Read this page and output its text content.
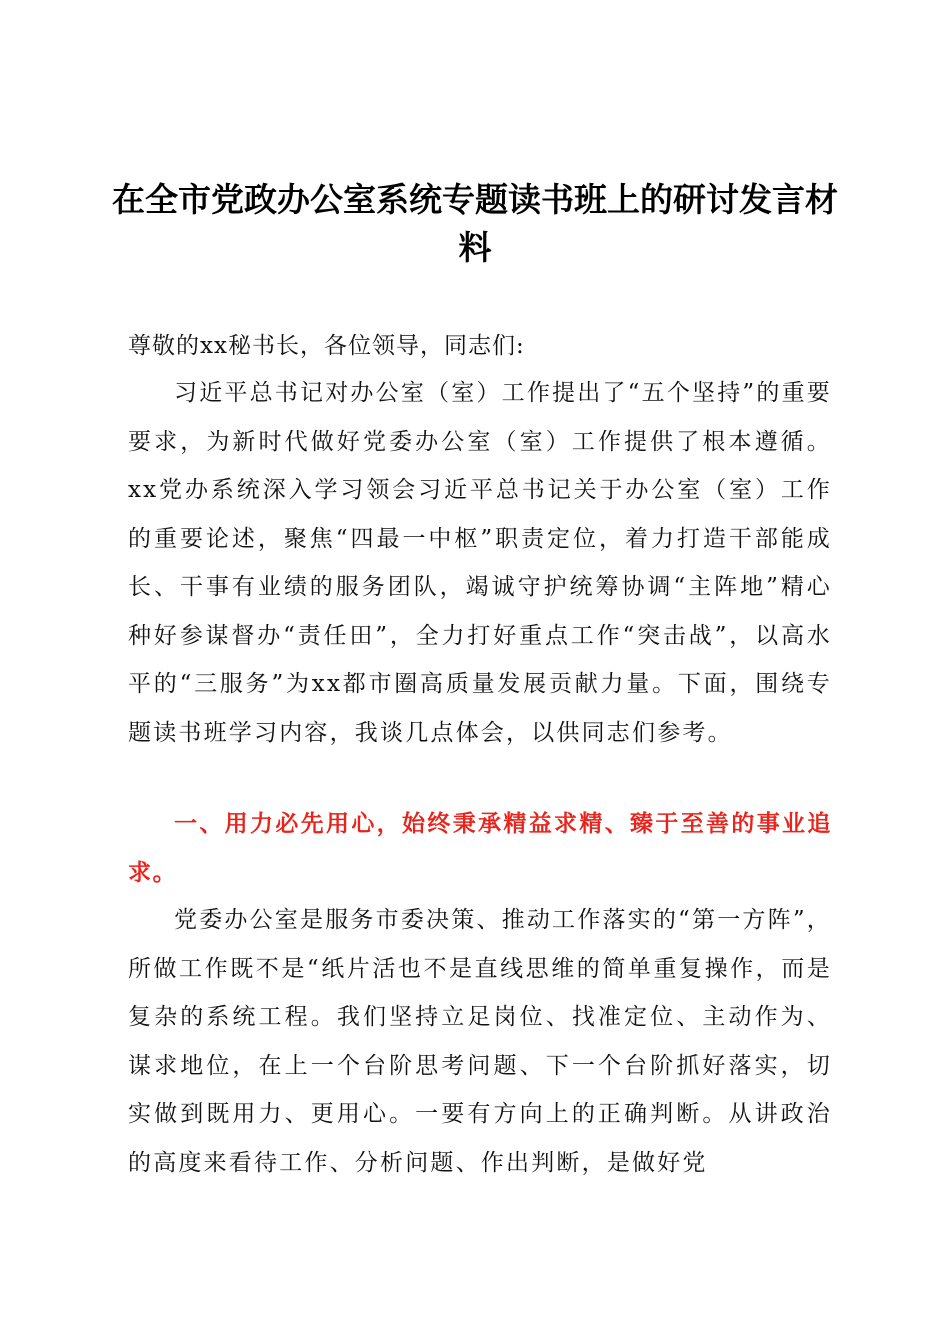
在全市党政办公室系统专题读书班上的研讨发言材料

尊敬的xx秘书长，各位领导，同志们:

习近平总书记对办公室（室）工作提出了“五个坚持”的重要要求，为新时代做好党委办公室（室）工作提供了根本遵循。xx党办系统深入学习领会习近平总书记关于办公室（室）工作的重要论述，聚焦“四最一中枢”职责定位，着力打造干部能成长、干事有业绩的服务团队，竭诚守护统筹协调“主阵地”精心种好参谋督办“责任田”，全力打好重点工作“突击战”，以高水平的“三服务”为xx都市圈高质量发展贡献力量。下面，围绕专题读书班学习内容，我谈几点体会，以供同志们参考。

一、用力必先用心，始终秉承精益求精、臻于至善的事业追求。

党委办公室是服务市委决策、推动工作落实的“第一方阵”，所做工作既不是“纸片活也不是直线思维的简单重复操作，而是复杂的系统工程。我们坚持立足岗位、找准定位、主动作为、谋求地位，在上一个台阶思考问题、下一个台阶抓好落实，切实做到既用力、更用心。一要有方向上的正确判断。从讲政治的高度来看待工作、分析问题、作出判断，是做好党
